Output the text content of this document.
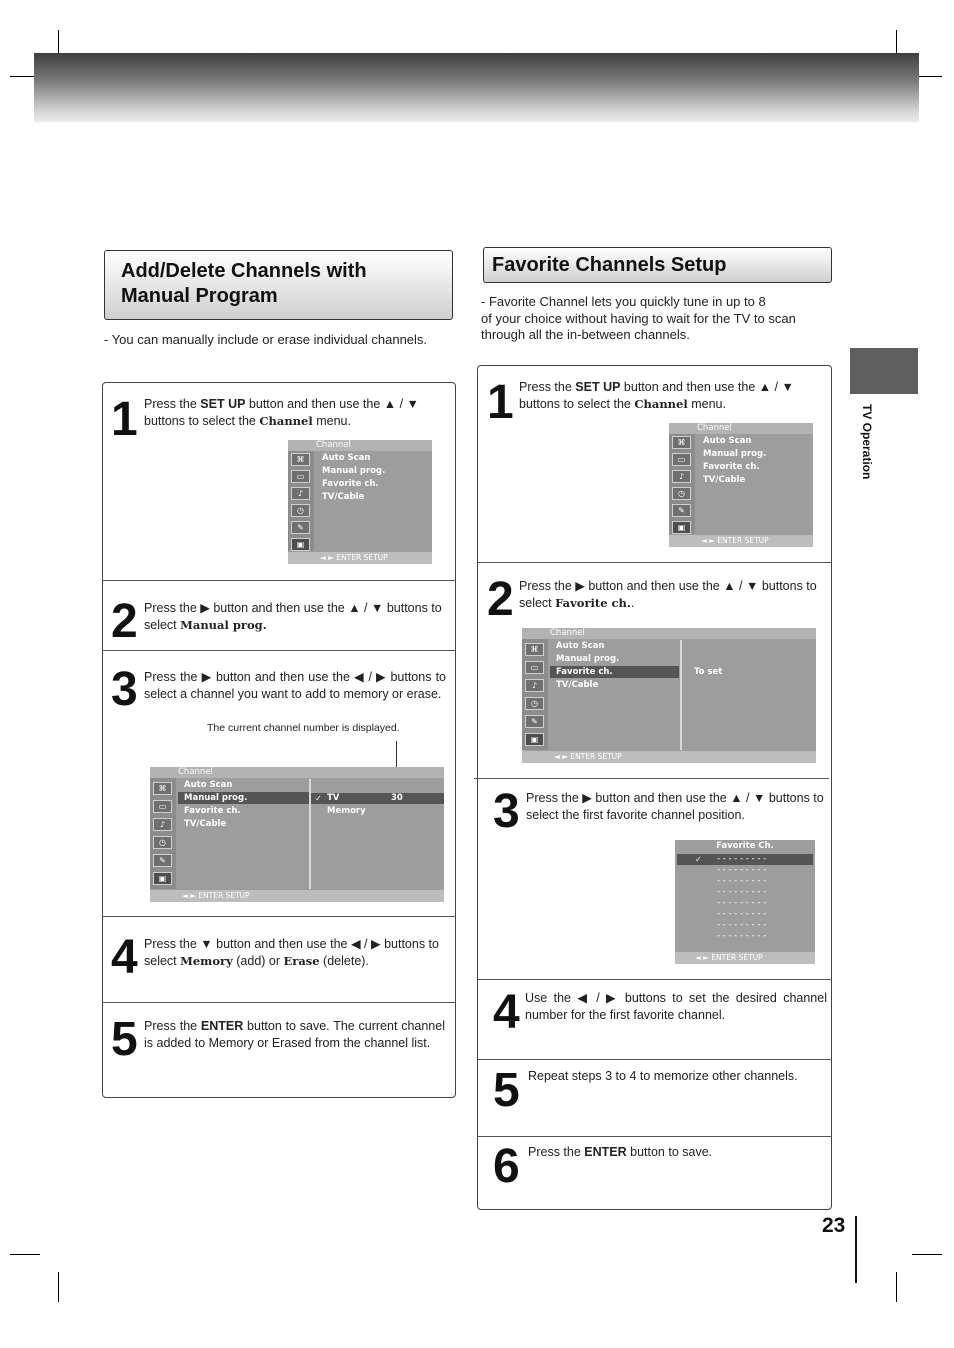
TV Operation
Add/Delete Channels with
Manual Program
- You can manually include or erase individual channels.
1 Press the SET UP button and then use the ▲ / ▼ buttons to select the Channel menu.
Channel
⌘
▭
♪
◷
✎
▣
Auto Scan
Manual prog.
Favorite ch.
TV/Cable
◄ ► ENTER SETUP
2 Press the ▶ button and then use the ▲ / ▼ buttons to select Manual prog.
3 Press the ▶ button and then use the ◀ / ▶ buttons to select a channel you want to add to memory or erase.
The current channel number is displayed.
Channel
⌘
▭
♪
◷
✎
▣
Auto Scan
Manual prog.
Favorite ch.
TV/Cable
✓ TV	30
Memory
◄ ► ENTER SETUP
4 Press the ▼ button and then use the ◀ / ▶ buttons to select Memory (add) or Erase (delete).
5 Press the ENTER button to save. The current channel is added to Memory or Erased from the channel list.
Favorite Channels Setup
- Favorite Channel lets you quickly tune in up to 8
of your choice without having to wait for the TV to scan
through all the in-between channels.
1 Press the SET UP button and then use the ▲ / ▼ buttons to select the Channel menu.
Channel
⌘
▭
♪
◷
✎
▣
Auto Scan
Manual prog.
Favorite ch.
TV/Cable
◄ ► ENTER SETUP
2 Press the ▶ button and then use the ▲ / ▼ buttons to select Favorite ch..
Channel
⌘
▭
♪
◷
✎
▣
Auto Scan
Manual prog.
Favorite ch.
TV/Cable
To set
◄ ► ENTER SETUP
3 Press the ▶ button and then use the ▲ / ▼ buttons to select the first favorite channel position.
Favorite Ch.
✓ - - - - - - - - -
- - - - - - - - -
- - - - - - - - -
- - - - - - - - -
- - - - - - - - -
- - - - - - - - -
- - - - - - - - -
- - - - - - - - -
◄ ► ENTER SETUP
4 Use the ◀ / ▶ buttons to set the desired channel number for the first favorite channel.
5 Repeat steps 3 to 4 to memorize other channels.
6 Press the ENTER button to save.
23
